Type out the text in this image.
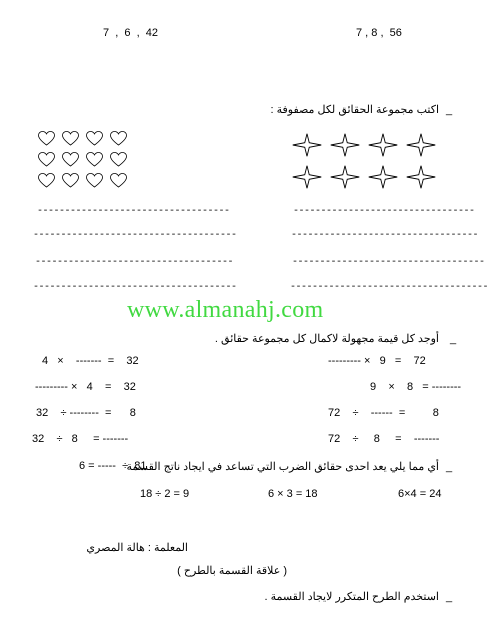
7  ,  6  ,  42	7 , 8 ,  56
اكتب مجموعة الحقائق لكل مصفوفة : _
-----------------------------------
-------------------------------------
------------------------------------
-------------------------------------
---------------------------------
----------------------------------
-----------------------------------
------------------------------------
www.almanahj.com
أوجد كل قيمة مجهولة لاكمال كل مجموعة حقائق . _
4   ×    -------  =    32
--------- ×   4    =    32
32    ÷ --------  =      8
32    ÷   8     = -------
--------- ×   9   =    72
9    ×    8   = --------
72    ÷    ------  =         8
72    ÷     8     =    -------
أي مما يلي يعد احدى حقائق الضرب التي تساعد في ايجاد ناتج القسمة _
18  ÷  ----- = 6
6×4 = 24
6 × 3 = 18
18 ÷ 2 = 9
المعلمة : هالة المصري
( علاقة القسمة بالطرح )
استخدم الطرح المتكرر لايجاد القسمة . _
